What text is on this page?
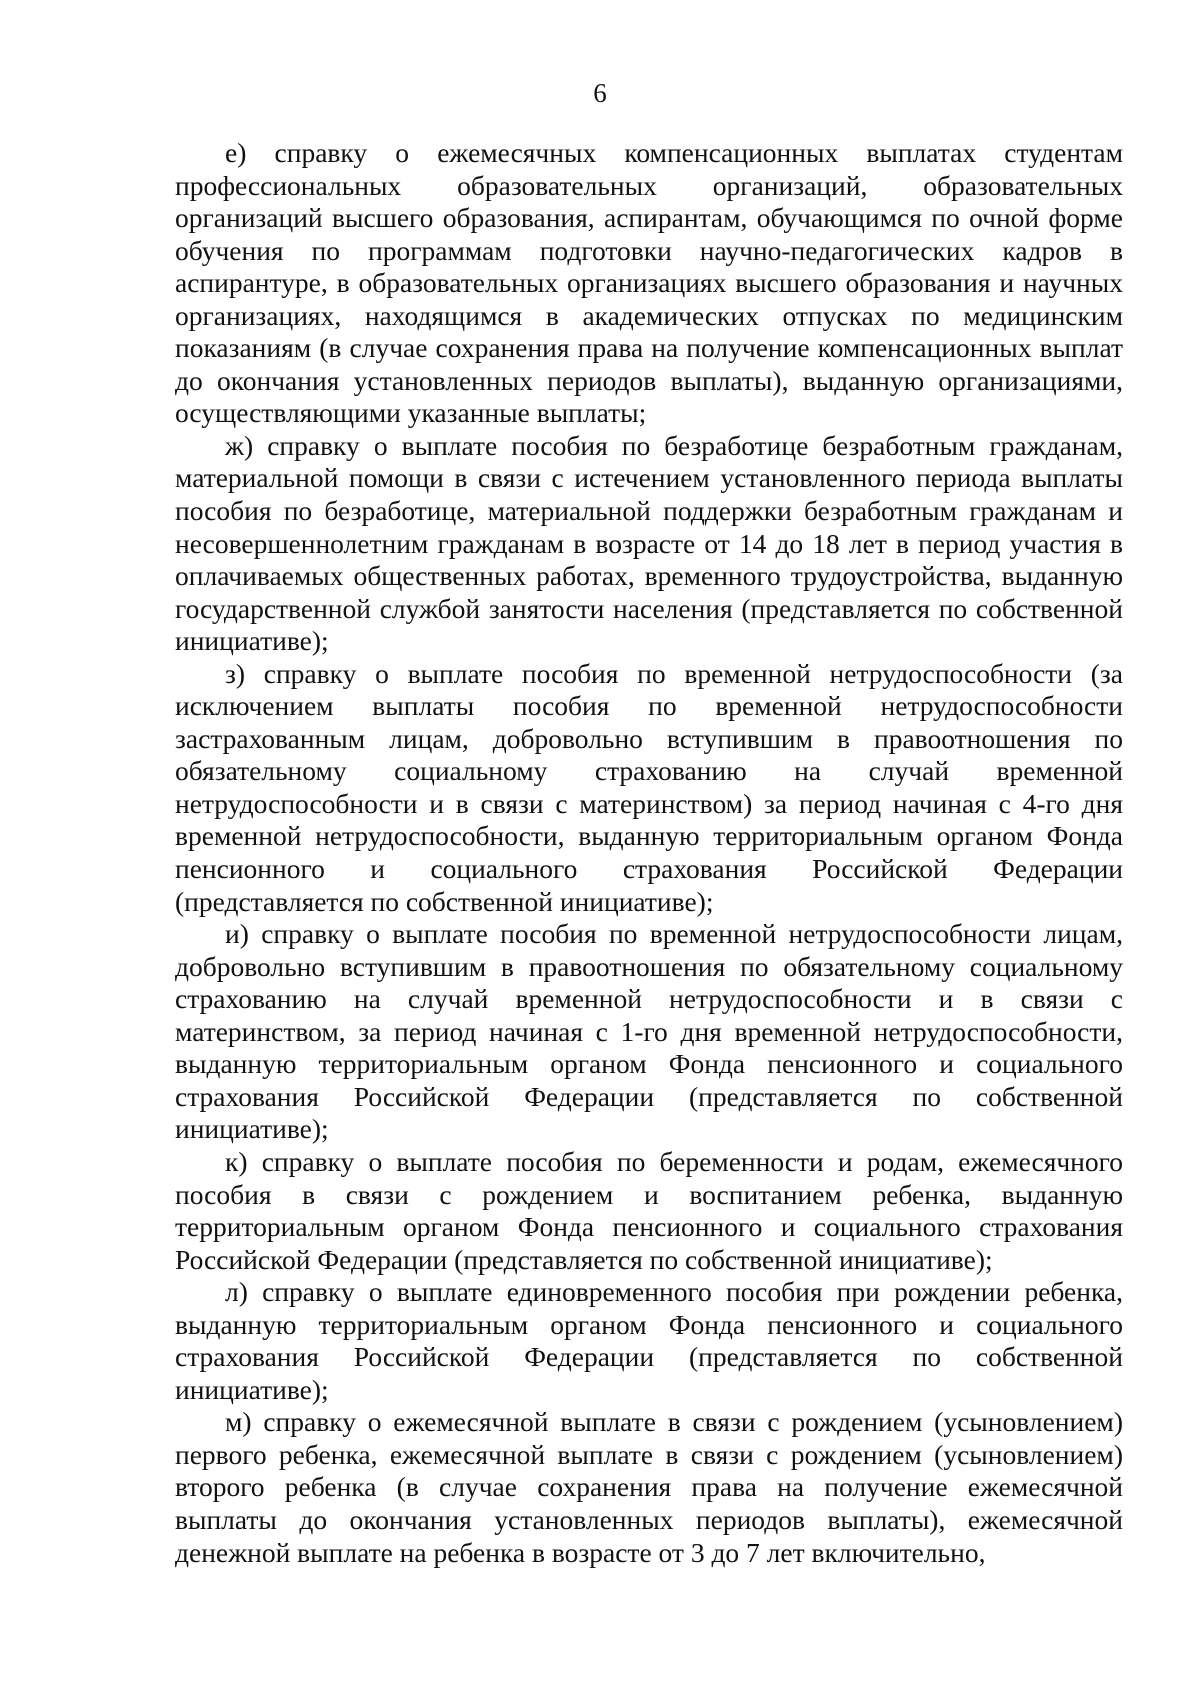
6

е) справку о ежемесячных компенсационных выплатах студентам профессиональных образовательных организаций, образовательных организаций высшего образования, аспирантам, обучающимся по очной форме обучения по программам подготовки научно-педагогических кадров в аспирантуре, в образовательных организациях высшего образования и научных организациях, находящимся в академических отпусках по медицинским показаниям (в случае сохранения права на получение компенсационных выплат до окончания установленных периодов выплаты), выданную организациями, осуществляющими указанные выплаты;

ж) справку о выплате пособия по безработице безработным гражданам, материальной помощи в связи с истечением установленного периода выплаты пособия по безработице, материальной поддержки безработным гражданам и несовершеннолетним гражданам в возрасте от 14 до 18 лет в период участия в оплачиваемых общественных работах, временного трудоустройства, выданную государственной службой занятости населения (представляется по собственной инициативе);

з) справку о выплате пособия по временной нетрудоспособности (за исключением выплаты пособия по временной нетрудоспособности застрахованным лицам, добровольно вступившим в правоотношения по обязательному социальному страхованию на случай временной нетрудоспособности и в связи с материнством) за период начиная с 4-го дня временной нетрудоспособности, выданную территориальным органом Фонда пенсионного и социального страхования Российской Федерации (представляется по собственной инициативе);

и) справку о выплате пособия по временной нетрудоспособности лицам, добровольно вступившим в правоотношения по обязательному социальному страхованию на случай временной нетрудоспособности и в связи с материнством, за период начиная с 1-го дня временной нетрудоспособности, выданную территориальным органом Фонда пенсионного и социального страхования Российской Федерации (представляется по собственной инициативе);

к) справку о выплате пособия по беременности и родам, ежемесячного пособия в связи с рождением и воспитанием ребенка, выданную территориальным органом Фонда пенсионного и социального страхования Российской Федерации (представляется по собственной инициативе);

л) справку о выплате единовременного пособия при рождении ребенка, выданную территориальным органом Фонда пенсионного и социального страхования Российской Федерации (представляется по собственной инициативе);

м) справку о ежемесячной выплате в связи с рождением (усыновлением) первого ребенка, ежемесячной выплате в связи с рождением (усыновлением) второго ребенка (в случае сохранения права на получение ежемесячной выплаты до окончания установленных периодов выплаты), ежемесячной денежной выплате на ребенка в возрасте от 3 до 7 лет включительно,
